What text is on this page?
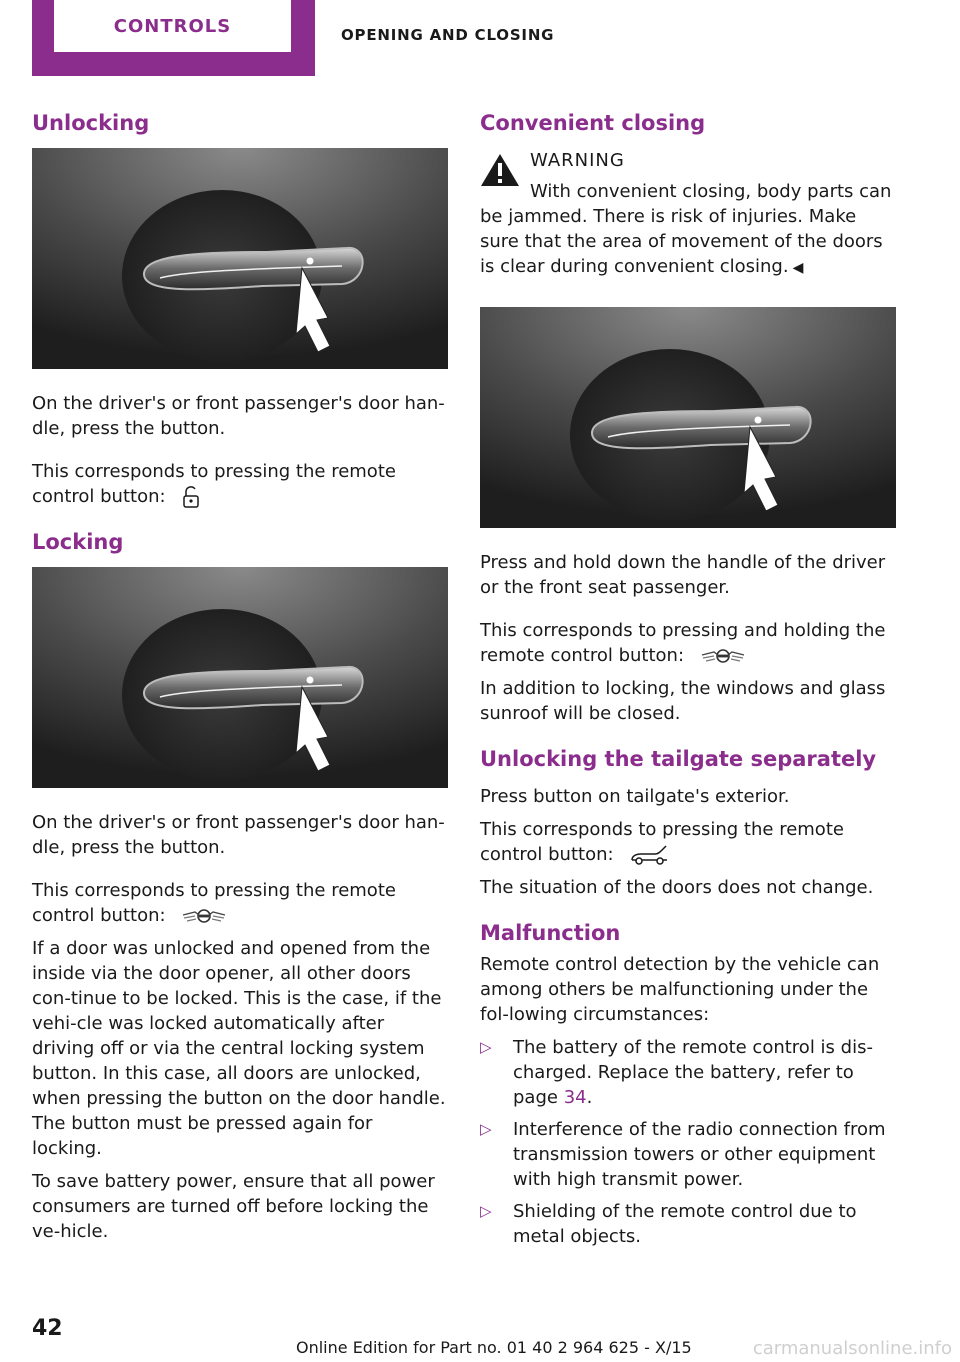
CONTROLS	OPENING AND CLOSING
Unlocking

On the driver's or front passenger's door han‐dle, press the button.

This corresponds to pressing the remote control button:

Locking

On the driver's or front passenger's door han‐dle, press the button.

This corresponds to pressing the remote control button:

If a door was unlocked and opened from the inside via the door opener, all other doors con‐tinue to be locked. This is the case, if the vehi‐cle was locked automatically after driving off or via the central locking system button. In this case, all doors are unlocked, when pressing the button on the door handle. The button must be pressed again for locking.

To save battery power, ensure that all power consumers are turned off before locking the ve‐hicle.

Convenient closing
WARNING

With convenient closing, body parts can

be jammed. There is risk of injuries. Make sure that the area of movement of the doors is clear during convenient closing. ◀

Press and hold down the handle of the driver or the front seat passenger.

This corresponds to pressing and holding the remote control button:

In addition to locking, the windows and glass sunroof will be closed.

Unlocking the tailgate separately

Press button on tailgate's exterior.

This corresponds to pressing the remote control button:

The situation of the doors does not change.

Malfunction

Remote control detection by the vehicle can among others be malfunctioning under the fol‐lowing circumstances:

▷ The battery of the remote control is dis‐charged. Replace the battery, refer to page 34.
▷ Interference of the radio connection from transmission towers or other equipment with high transmit power.
▷ Shielding of the remote control due to metal objects.
42
Online Edition for Part no. 01 40 2 964 625 - X/15	carmanualsonline.info
